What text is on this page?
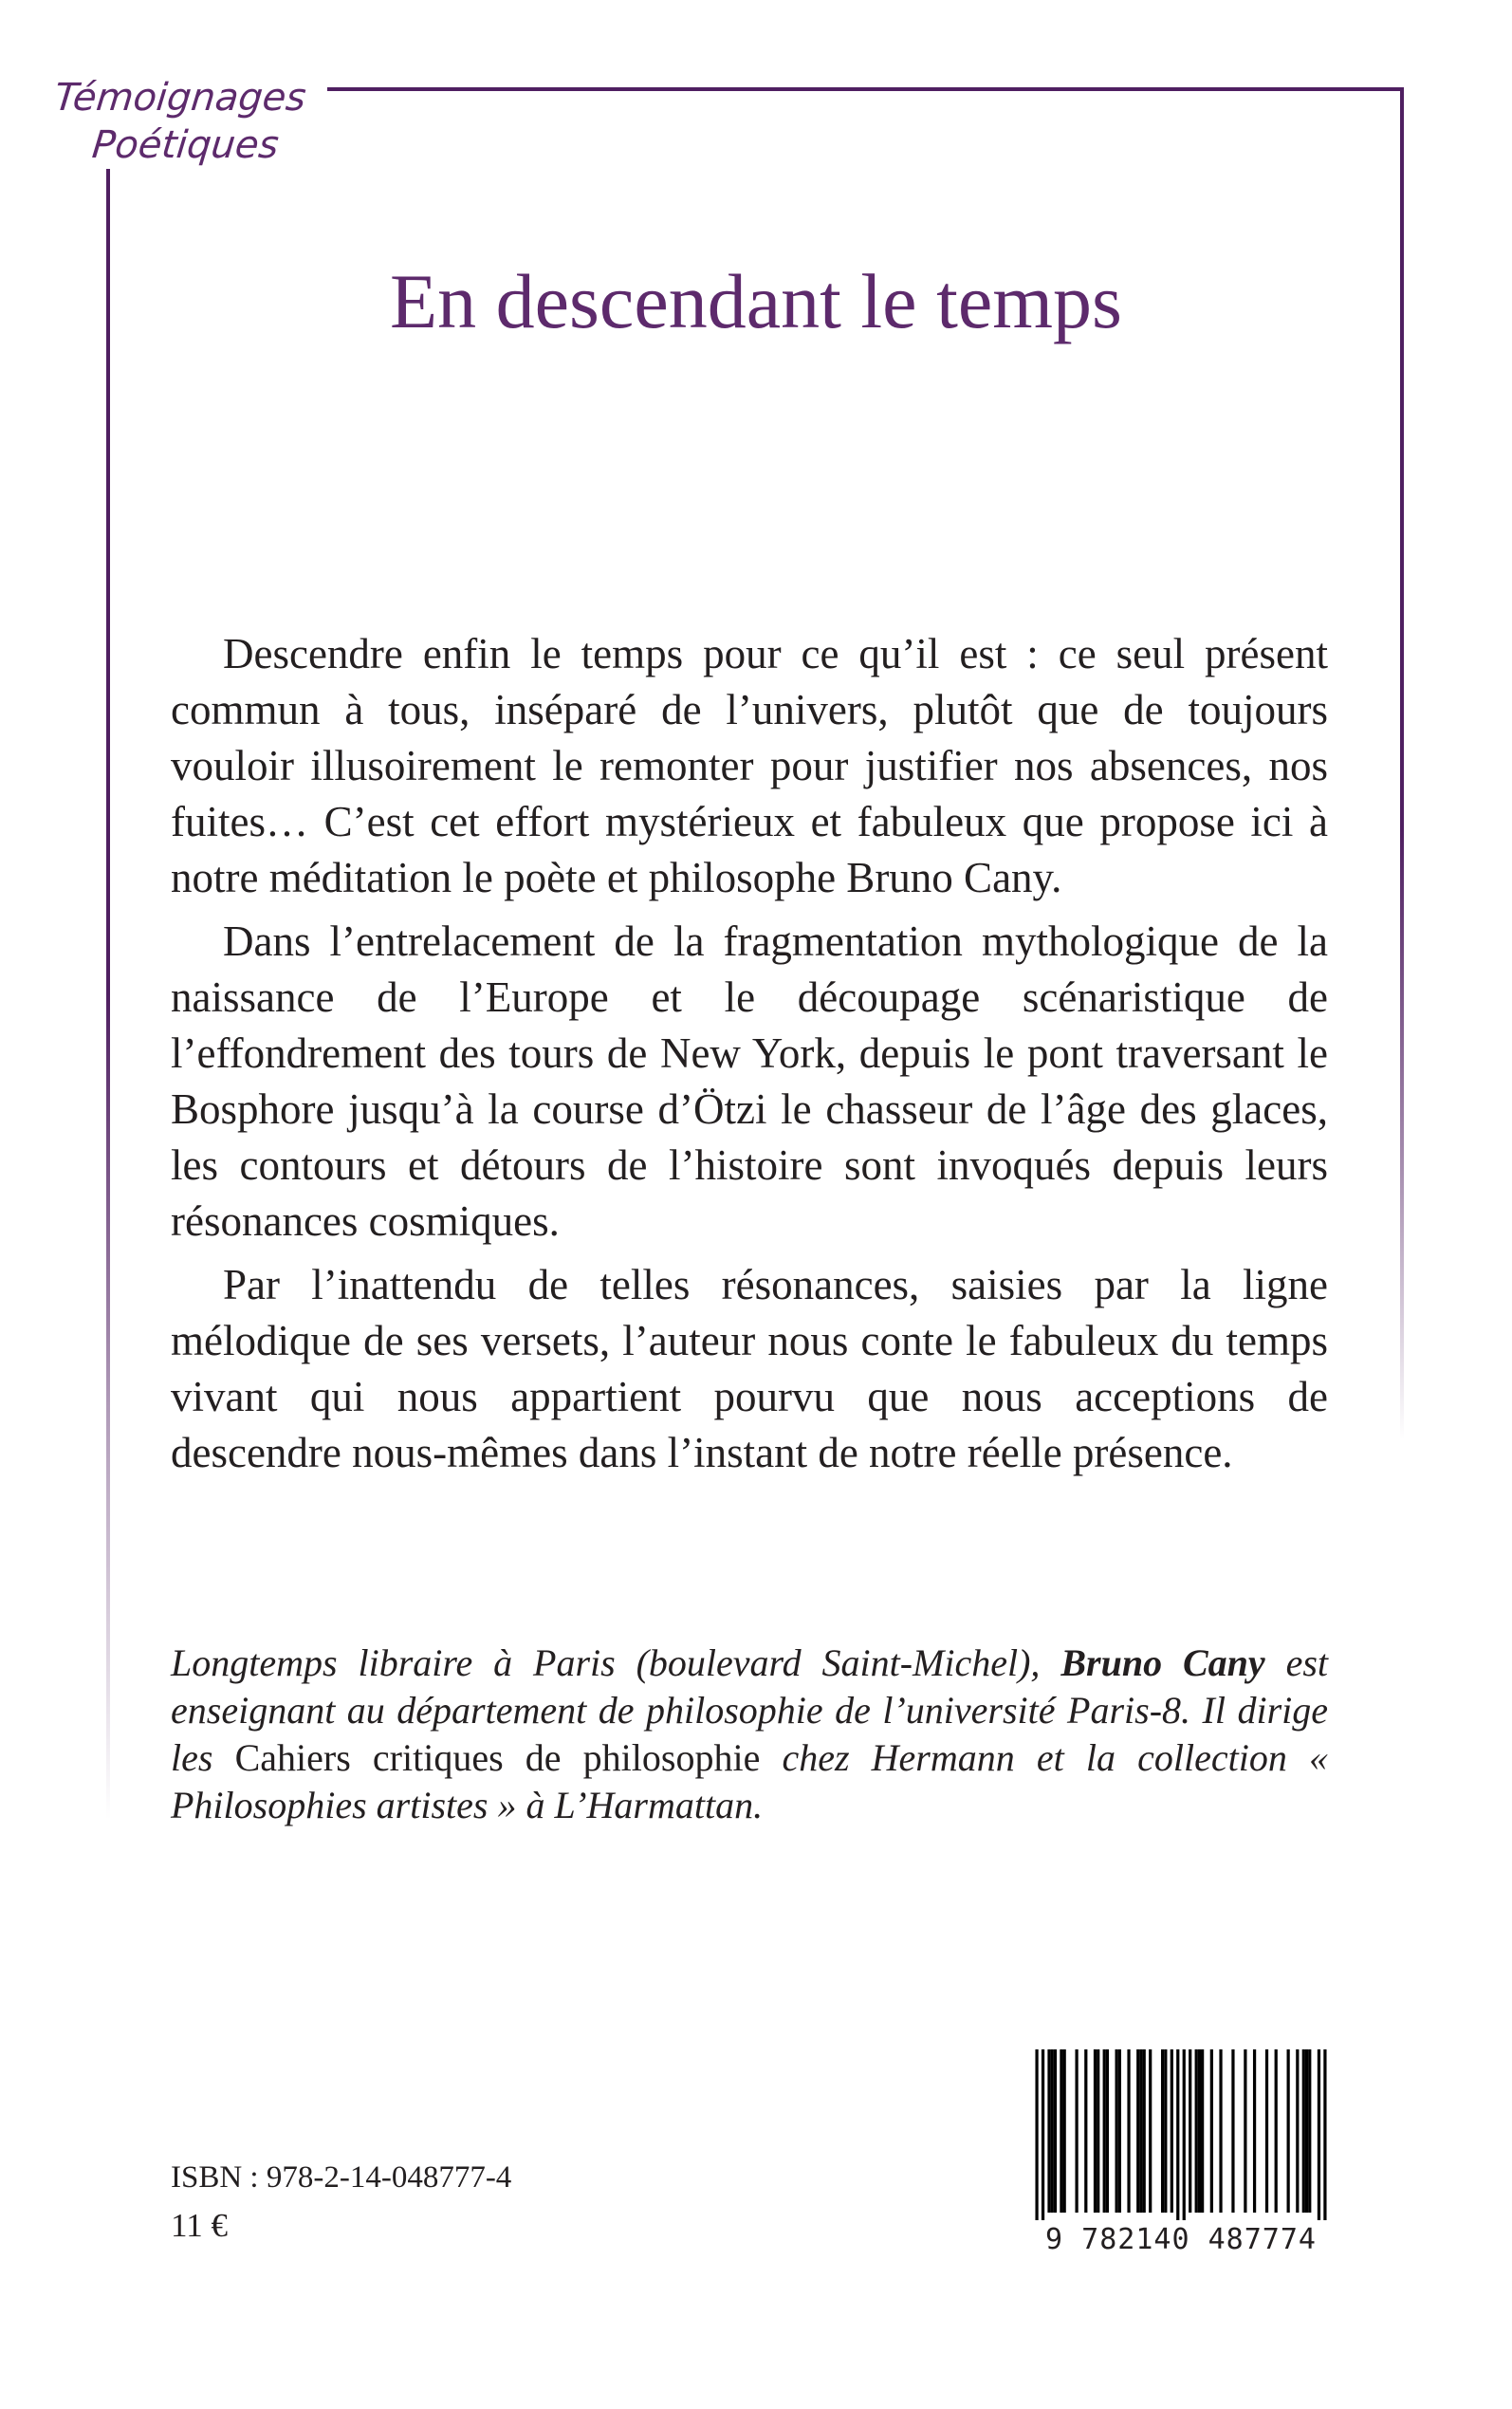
Témoignages
Poétiques
En descendant le temps

Descendre enfin le temps pour ce qu’il est : ce seul présent commun à tous, inséparé de l’univers, plutôt que de toujours vouloir illusoirement le remonter pour justifier nos absences, nos fuites… C’est cet effort mystérieux et fabuleux que propose ici à notre méditation le poète et philosophe Bruno Cany.

Dans l’entrelacement de la fragmentation mythologique de la naissance de l’Europe et le découpage scénaristique de l’effondrement des tours de New York, depuis le pont traversant le Bosphore jusqu’à la course d’Ötzi le chasseur de l’âge des glaces, les contours et détours de l’histoire sont invoqués depuis leurs résonances cosmiques.

Par l’inattendu de telles résonances, saisies par la ligne mélodique de ses versets, l’auteur nous conte le fabuleux du temps vivant qui nous appartient pourvu que nous acceptions de descendre nous-mêmes dans l’instant de notre réelle présence.

Longtemps libraire à Paris (boulevard Saint-Michel), Bruno Cany est enseignant au département de philosophie de l’université Paris-8. Il dirige les Cahiers critiques de philosophie chez Hermann et la collection « Philosophies artistes » à L’Harmattan.

ISBN : 978-2-14-048777-4
11 €	9 782140 487774
